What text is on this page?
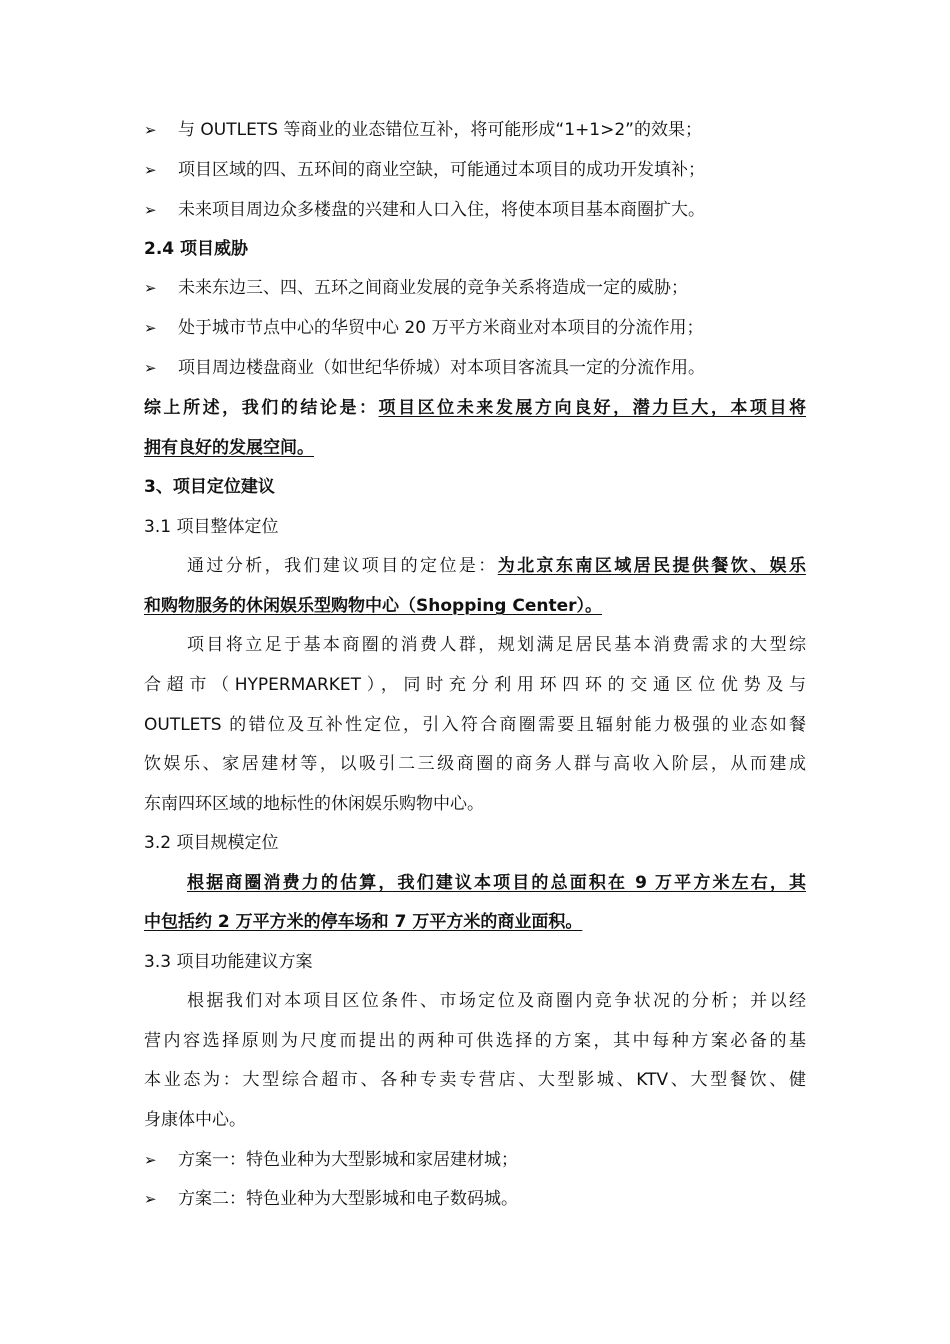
➢ 与 OUTLETS 等商业的业态错位互补，将可能形成“1+1>2”的效果；
➢ 项目区域的四、五环间的商业空缺，可能通过本项目的成功开发填补；
➢ 未来项目周边众多楼盘的兴建和人口入住，将使本项目基本商圈扩大。
2.4 项目威胁
➢ 未来东边三、四、五环之间商业发展的竞争关系将造成一定的威胁；
➢ 处于城市节点中心的华贸中心 20 万平方米商业对本项目的分流作用；
➢ 项目周边楼盘商业（如世纪华侨城）对本项目客流具一定的分流作用。
综上所述，我们的结论是：项目区位未来发展方向良好，潜力巨大，本项目将
拥有良好的发展空间。
3、项目定位建议
3.1 项目整体定位
通过分析，我们建议项目的定位是：为北京东南区域居民提供餐饮、娱乐
和购物服务的休闲娱乐型购物中心（Shopping Center）。
项目将立足于基本商圈的消费人群，规划满足居民基本消费需求的大型综
合超市（HYPERMARKET），同时充分利用环四环的交通区位优势及与
OUTLETS 的错位及互补性定位，引入符合商圈需要且辐射能力极强的业态如餐
饮娱乐、家居建材等，以吸引二三级商圈的商务人群与高收入阶层，从而建成
东南四环区域的地标性的休闲娱乐购物中心。
3.2 项目规模定位
根据商圈消费力的估算，我们建议本项目的总面积在 9 万平方米左右，其
中包括约 2 万平方米的停车场和 7 万平方米的商业面积。
3.3 项目功能建议方案
根据我们对本项目区位条件、市场定位及商圈内竞争状况的分析；并以经
营内容选择原则为尺度而提出的两种可供选择的方案，其中每种方案必备的基
本业态为：大型综合超市、各种专卖专营店、大型影城、KTV、大型餐饮、健
身康体中心。
➢ 方案一：特色业种为大型影城和家居建材城；
➢ 方案二：特色业种为大型影城和电子数码城。
